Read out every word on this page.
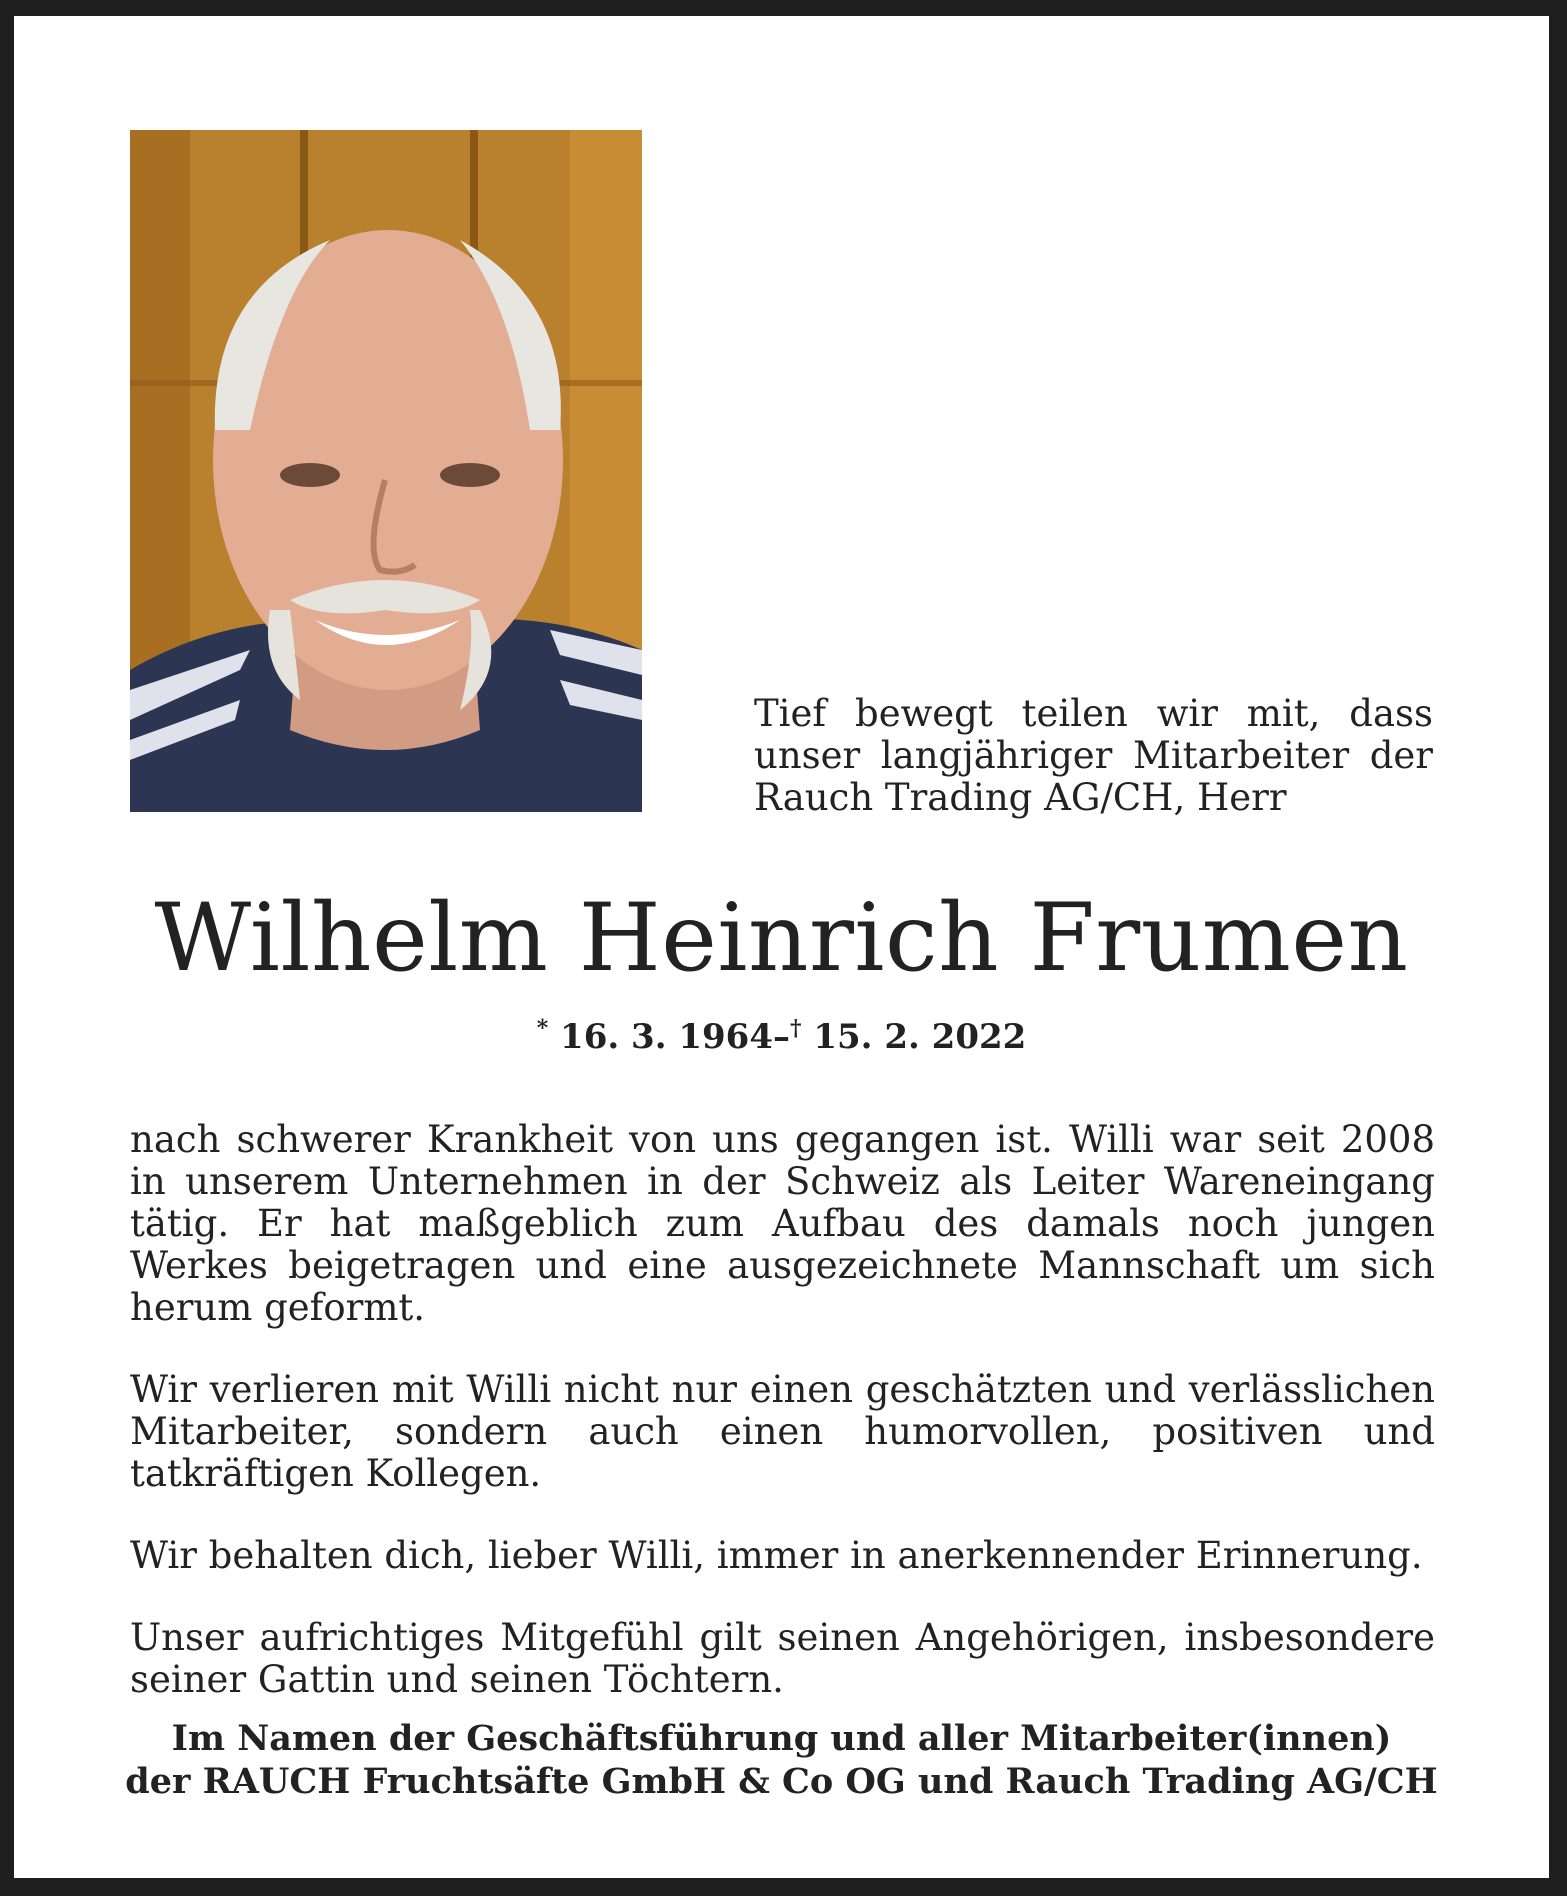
Tief bewegt teilen wir mit, dass unser langjähriger Mitarbeiter der Rauch Trading AG/CH, Herr

Wilhelm Heinrich Frumen
* 16. 3. 1964–† 15. 2. 2022

nach schwerer Krankheit von uns gegangen ist. Willi war seit 2008 in unserem Unternehmen in der Schweiz als Leiter Wareneingang tätig. Er hat maßgeblich zum Aufbau des damals noch jungen Werkes beigetragen und eine ausgezeichnete Mannschaft um sich herum geformt.

Wir verlieren mit Willi nicht nur einen geschätzten und verlässlichen Mitarbeiter, sondern auch einen humorvollen, positiven und tatkräftigen Kollegen.

Wir behalten dich, lieber Willi, immer in anerkennender Erinnerung.

Unser aufrichtiges Mitgefühl gilt seinen Angehörigen, insbesondere seiner Gattin und seinen Töchtern.

Im Namen der Geschäftsführung und aller Mitarbeiter(innen)
der RAUCH Fruchtsäfte GmbH & Co OG und Rauch Trading AG/CH
